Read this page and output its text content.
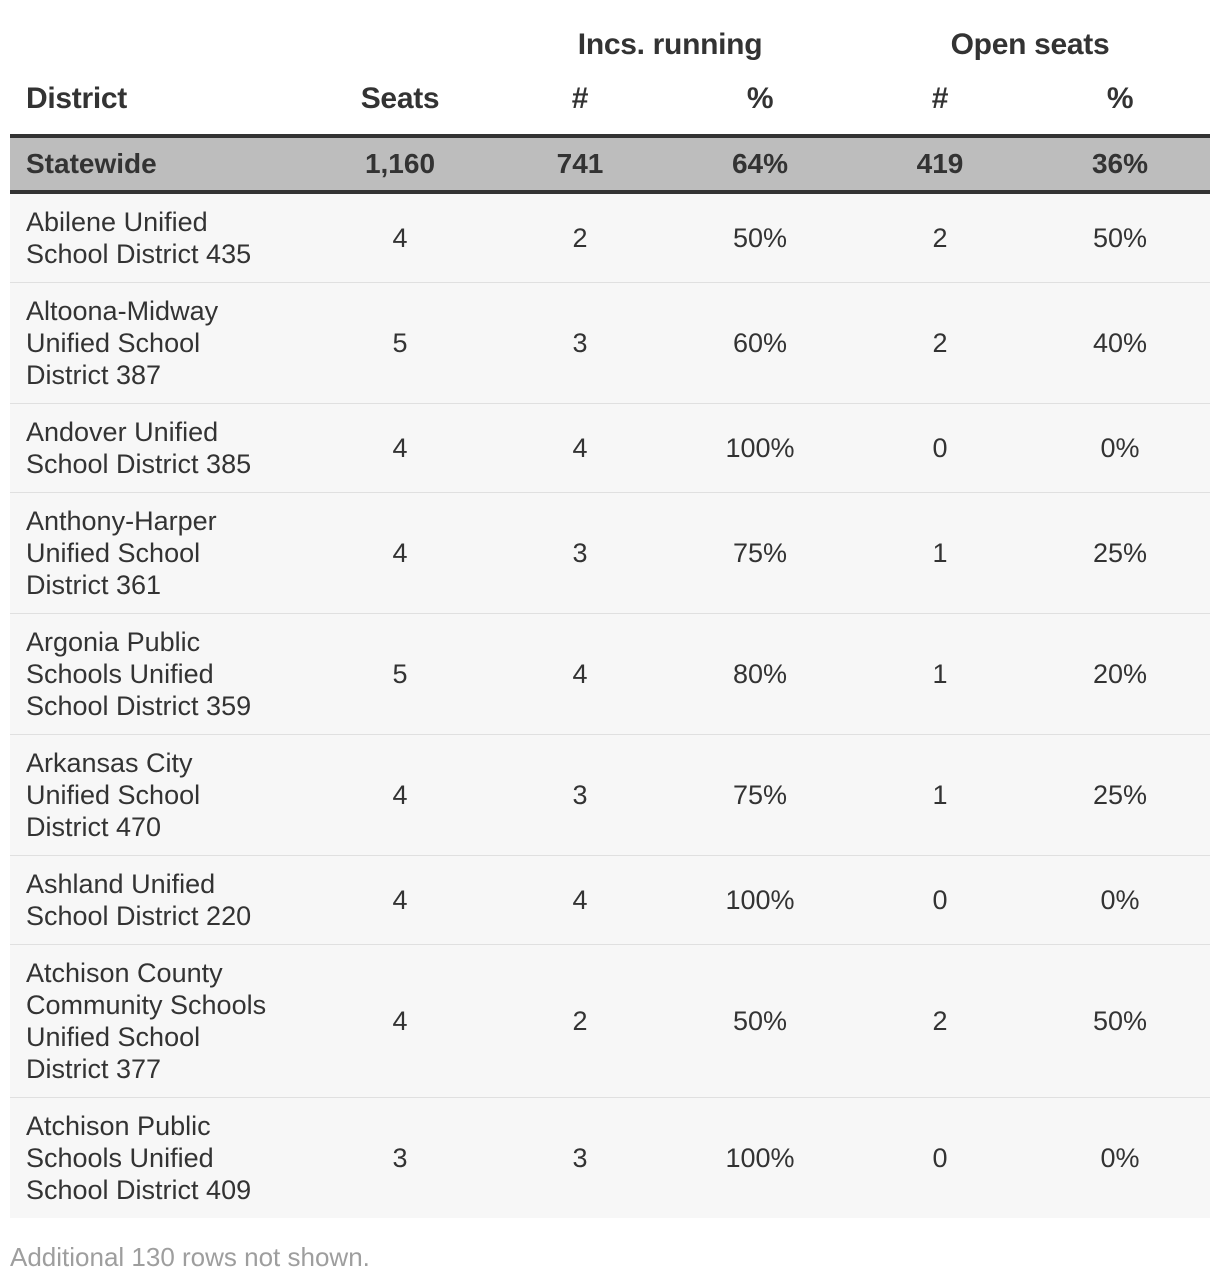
		Incs. running		Open seats	
District	Seats	#	%	#	%
Statewide	1,160	741	64%	419	36%

Abilene Unified
School District 435	4	2	50%	2	50%

Altoona-Midway
Unified School
District 387	5	3	60%	2	40%

Andover Unified
School District 385	4	4	100%	0	0%

Anthony-Harper
Unified School
District 361	4	3	75%	1	25%

Argonia Public
Schools Unified
School District 359	5	4	80%	1	20%

Arkansas City
Unified School
District 470	4	3	75%	1	25%

Ashland Unified
School District 220	4	4	100%	0	0%

Atchison County
Community Schools
Unified School
District 377	4	2	50%	2	50%

Atchison Public
Schools Unified
School District 409	3	3	100%	0	0%
Additional 130 rows not shown.
